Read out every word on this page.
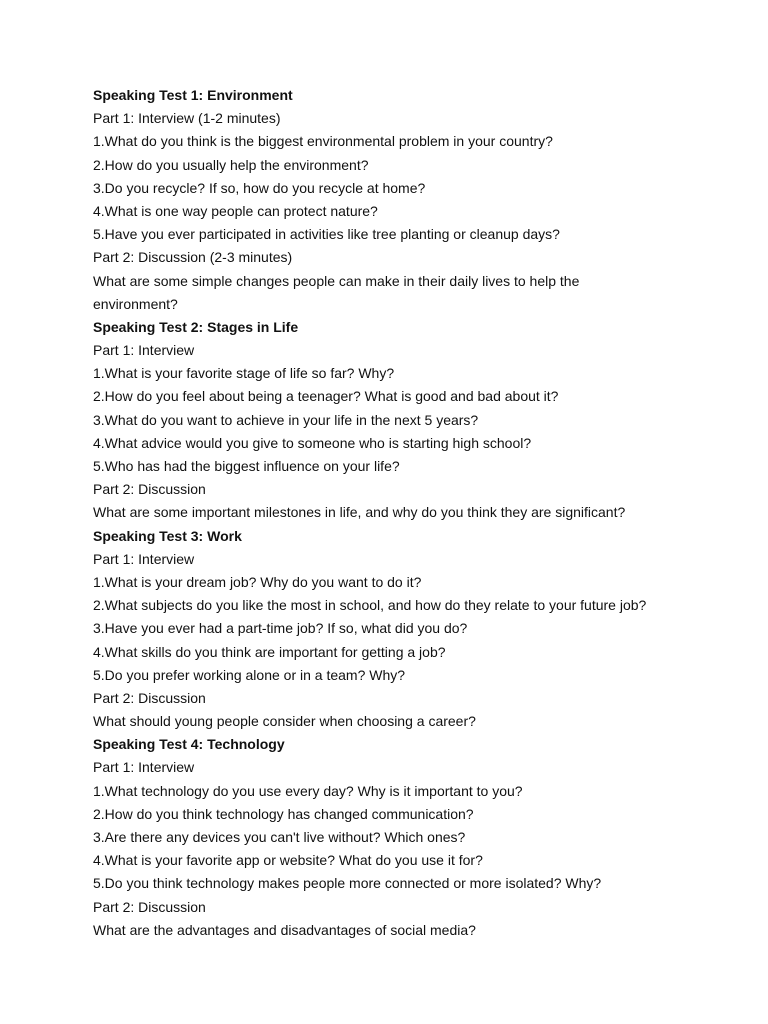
Speaking Test 1: Environment
Part 1: Interview (1-2 minutes)
1.What do you think is the biggest environmental problem in your country?
2.How do you usually help the environment?
3.Do you recycle? If so, how do you recycle at home?
4.What is one way people can protect nature?
5.Have you ever participated in activities like tree planting or cleanup days?
Part 2: Discussion (2-3 minutes)
What are some simple changes people can make in their daily lives to help the environment?
Speaking Test 2: Stages in Life
Part 1: Interview
1.What is your favorite stage of life so far? Why?
2.How do you feel about being a teenager? What is good and bad about it?
3.What do you want to achieve in your life in the next 5 years?
4.What advice would you give to someone who is starting high school?
5.Who has had the biggest influence on your life?
Part 2: Discussion
What are some important milestones in life, and why do you think they are significant?
Speaking Test 3: Work
Part 1: Interview
1.What is your dream job? Why do you want to do it?
2.What subjects do you like the most in school, and how do they relate to your future job?
3.Have you ever had a part-time job? If so, what did you do?
4.What skills do you think are important for getting a job?
5.Do you prefer working alone or in a team? Why?
Part 2: Discussion
What should young people consider when choosing a career?
Speaking Test 4: Technology
Part 1: Interview
1.What technology do you use every day? Why is it important to you?
2.How do you think technology has changed communication?
3.Are there any devices you can't live without? Which ones?
4.What is your favorite app or website? What do you use it for?
5.Do you think technology makes people more connected or more isolated? Why?
Part 2: Discussion
What are the advantages and disadvantages of social media?
